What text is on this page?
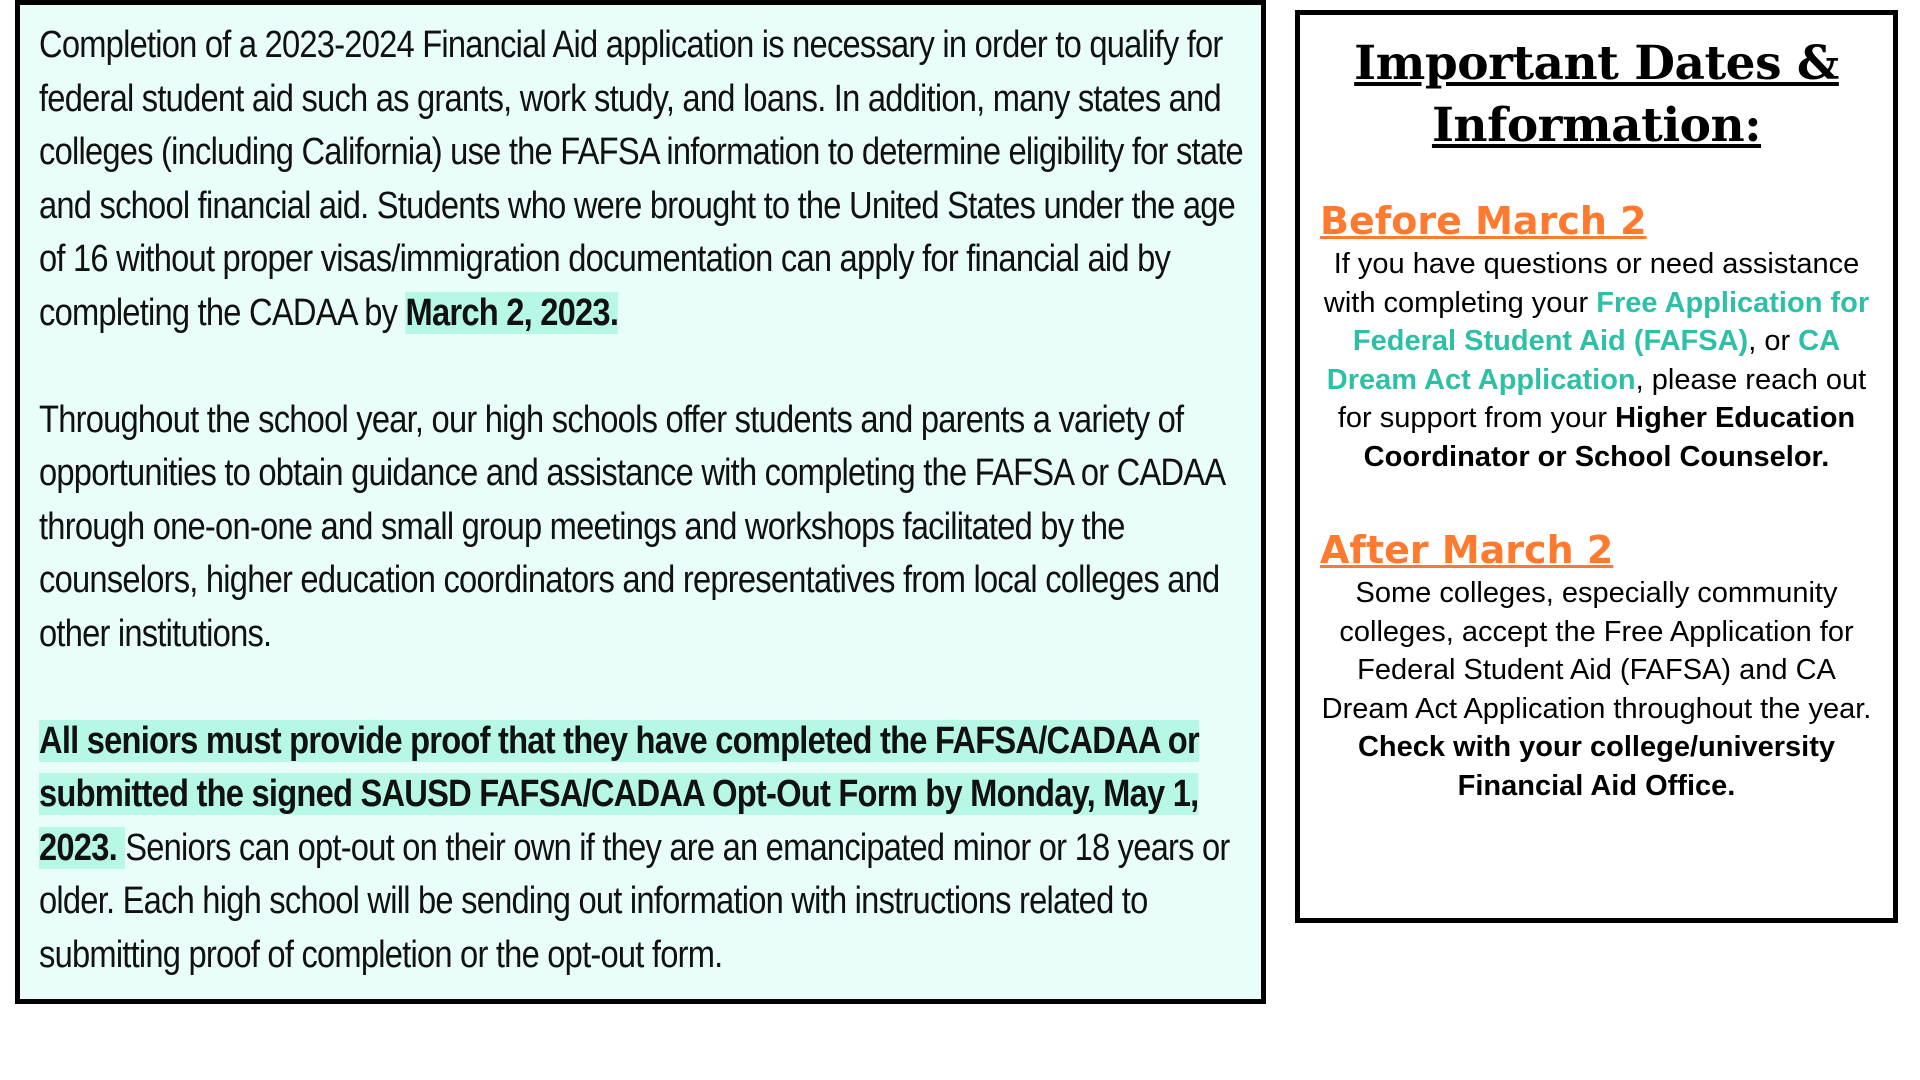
Completion of a 2023-2024 Financial Aid application is necessary in order to qualify for federal student aid such as grants, work study, and loans. In addition, many states and colleges (including California) use the FAFSA information to determine eligibility for state and school financial aid. Students who were brought to the United States under the age of 16 without proper visas/immigration documentation can apply for financial aid by completing the CADAA by March 2, 2023.

Throughout the school year, our high schools offer students and parents a variety of opportunities to obtain guidance and assistance with completing the FAFSA or CADAA through one-on-one and small group meetings and workshops facilitated by the counselors, higher education coordinators and representatives from local colleges and other institutions.

All seniors must provide proof that they have completed the FAFSA/CADAA or submitted the signed SAUSD FAFSA/CADAA Opt-Out Form by Monday, May 1, 2023. Seniors can opt-out on their own if they are an emancipated minor or 18 years or older. Each high school will be sending out information with instructions related to submitting proof of completion or the opt-out form.

Important Dates &
Information:
Before March 2

If you have questions or need assistance with completing your Free Application for Federal Student Aid (FAFSA), or CA Dream Act Application, please reach out for support from your Higher Education Coordinator or School Counselor.

After March 2

Some colleges, especially community colleges, accept the Free Application for Federal Student Aid (FAFSA) and CA Dream Act Application throughout the year. Check with your college/university Financial Aid Office.
